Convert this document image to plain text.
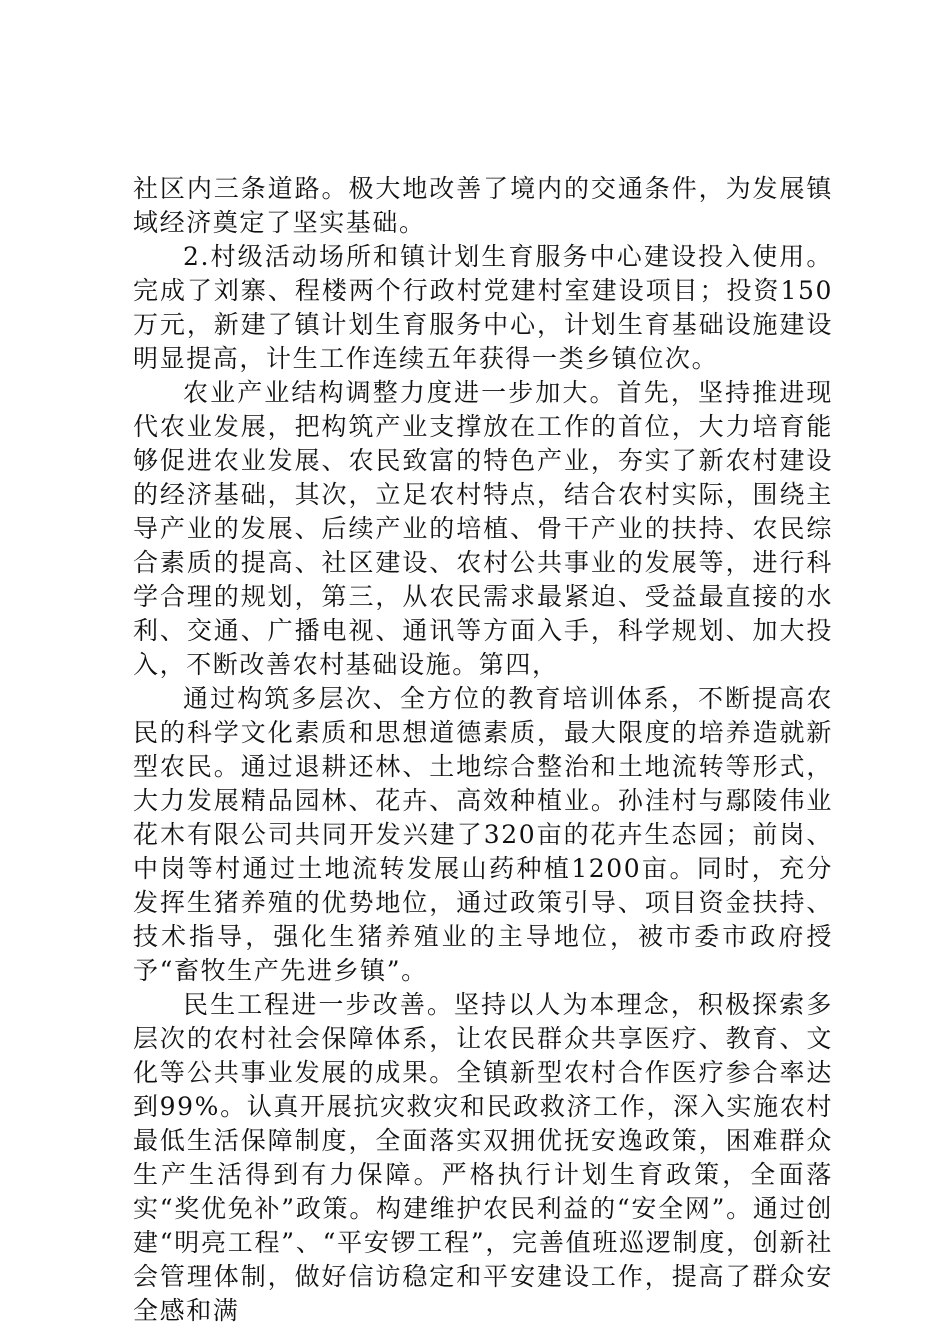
社区内三条道路。极大地改善了境内的交通条件，为发展镇域经济奠定了坚实基础。

2.村级活动场所和镇计划生育服务中心建设投入使用。完成了刘寨、程楼两个行政村党建村室建设项目；投资150万元，新建了镇计划生育服务中心，计划生育基础设施建设明显提高，计生工作连续五年获得一类乡镇位次。

农业产业结构调整力度进一步加大。首先，坚持推进现代农业发展，把构筑产业支撑放在工作的首位，大力培育能够促进农业发展、农民致富的特色产业，夯实了新农村建设的经济基础，其次，立足农村特点，结合农村实际，围绕主导产业的发展、后续产业的培植、骨干产业的扶持、农民综合素质的提高、社区建设、农村公共事业的发展等，进行科学合理的规划，第三，从农民需求最紧迫、受益最直接的水利、交通、广播电视、通讯等方面入手，科学规划、加大投入，不断改善农村基础设施。第四，

通过构筑多层次、全方位的教育培训体系，不断提高农民的科学文化素质和思想道德素质，最大限度的培养造就新型农民。通过退耕还林、土地综合整治和土地流转等形式，大力发展精品园林、花卉、高效种植业。孙洼村与鄢陵伟业花木有限公司共同开发兴建了320亩的花卉生态园；前岗、中岗等村通过土地流转发展山药种植1200亩。同时，充分发挥生猪养殖的优势地位，通过政策引导、项目资金扶持、技术指导，强化生猪养殖业的主导地位，被市委市政府授予“畜牧生产先进乡镇”。

民生工程进一步改善。坚持以人为本理念，积极探索多层次的农村社会保障体系，让农民群众共享医疗、教育、文化等公共事业发展的成果。全镇新型农村合作医疗参合率达到99%。认真开展抗灾救灾和民政救济工作，深入实施农村最低生活保障制度，全面落实双拥优抚安逸政策，困难群众生产生活得到有力保障。严格执行计划生育政策，全面落实“奖优免补”政策。构建维护农民利益的“安全网”。通过创建“明亮工程”、“平安锣工程”，完善值班巡逻制度，创新社会管理体制，做好信访稳定和平安建设工作，提高了群众安全感和满
